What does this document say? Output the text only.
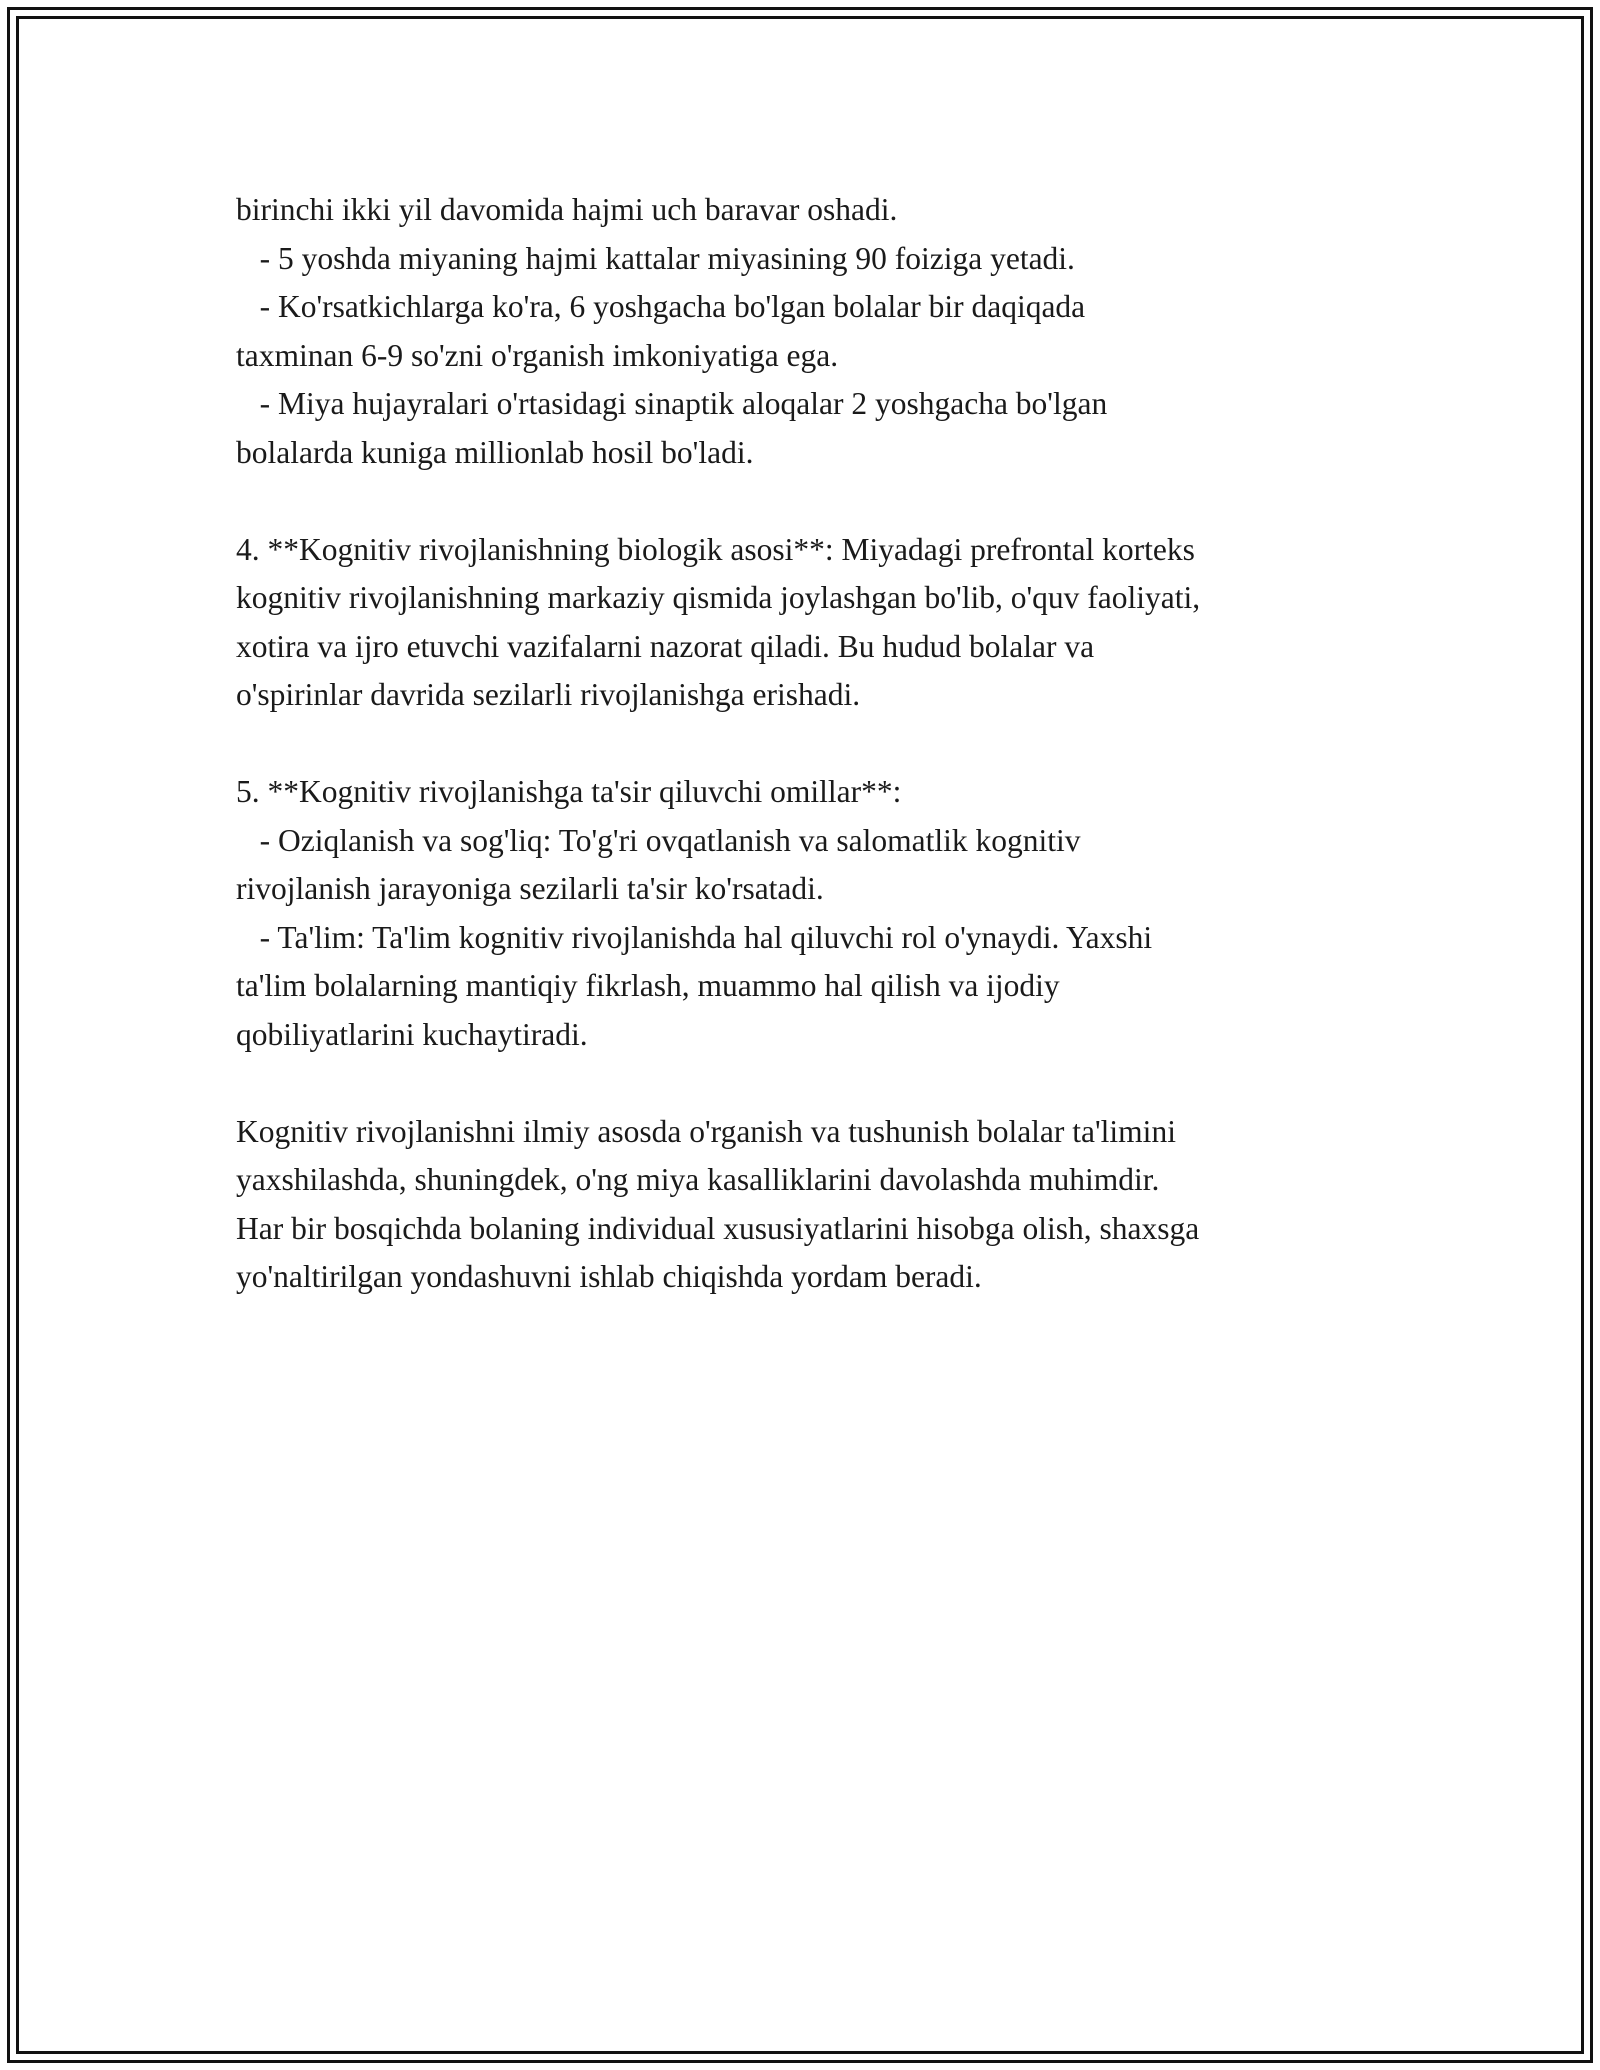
birinchi ikki yil davomida hajmi uch baravar oshadi.
- 5 yoshda miyaning hajmi kattalar miyasining 90 foiziga yetadi.
- Ko'rsatkichlarga ko'ra, 6 yoshgacha bo'lgan bolalar bir daqiqada
taxminan 6-9 so'zni o'rganish imkoniyatiga ega.
- Miya hujayralari o'rtasidagi sinaptik aloqalar 2 yoshgacha bo'lgan
bolalarda kuniga millionlab hosil bo'ladi.
4. **Kognitiv rivojlanishning biologik asosi**: Miyadagi prefrontal korteks
kognitiv rivojlanishning markaziy qismida joylashgan bo'lib, o'quv faoliyati,
xotira va ijro etuvchi vazifalarni nazorat qiladi. Bu hudud bolalar va
o'spirinlar davrida sezilarli rivojlanishga erishadi.
5. **Kognitiv rivojlanishga ta'sir qiluvchi omillar**:
- Oziqlanish va sog'liq: To'g'ri ovqatlanish va salomatlik kognitiv
rivojlanish jarayoniga sezilarli ta'sir ko'rsatadi.
- Ta'lim: Ta'lim kognitiv rivojlanishda hal qiluvchi rol o'ynaydi. Yaxshi
ta'lim bolalarning mantiqiy fikrlash, muammo hal qilish va ijodiy
qobiliyatlarini kuchaytiradi.
Kognitiv rivojlanishni ilmiy asosda o'rganish va tushunish bolalar ta'limini
yaxshilashda, shuningdek, o'ng miya kasalliklarini davolashda muhimdir.
Har bir bosqichda bolaning individual xususiyatlarini hisobga olish, shaxsga
yo'naltirilgan yondashuvni ishlab chiqishda yordam beradi.
